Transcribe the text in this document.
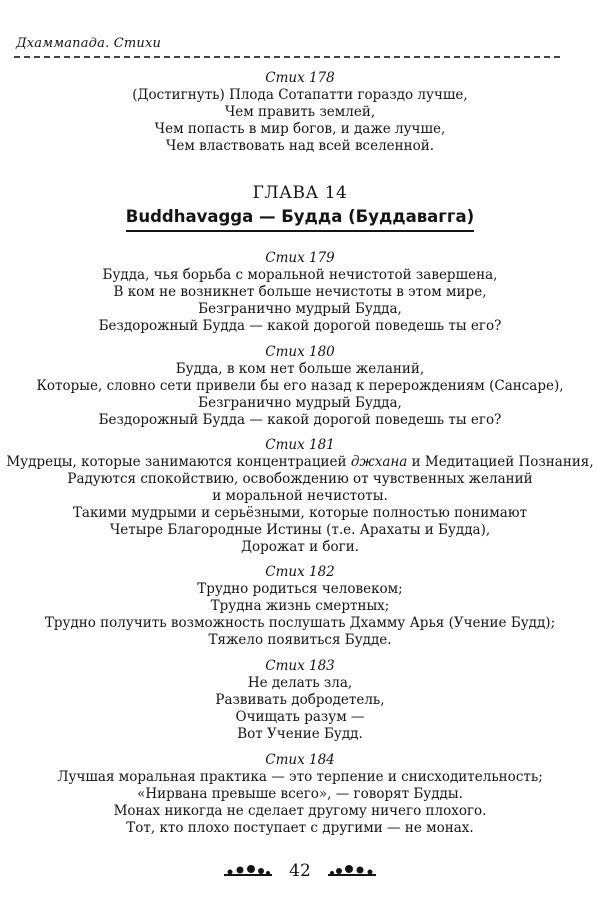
Дхаммапада. Стихи
Стих 178
(Достигнуть) Плода Сотапатти гораздо лучше,
Чем править землей,
Чем попасть в мир богов, и даже лучше,
Чем властвовать над всей вселенной.
ГЛАВА 14
Buddhavagga — Будда (Буддавагга)
Стих 179
Будда, чья борьба с моральной нечистотой завершена,
В ком не возникнет больше нечистоты в этом мире,
Безгранично мудрый Будда,
Бездорожный Будда — какой дорогой поведешь ты его?
Стих 180
Будда, в ком нет больше желаний,
Которые, словно сети привели бы его назад к перерождениям (Сансаре),
Безгранично мудрый Будда,
Бездорожный Будда — какой дорогой поведешь ты его?
Стих 181
Мудрецы, которые занимаются концентрацией джхана и Медитацией Познания,
Радуются спокойствию, освобождению от чувственных желаний
и моральной нечистоты.
Такими мудрыми и серьёзными, которые полностью понимают
Четыре Благородные Истины (т.е. Арахаты и Будда),
Дорожат и боги.
Стих 182
Трудно родиться человеком;
Трудна жизнь смертных;
Трудно получить возможность послушать Дхамму Арья (Учение Будд);
Тяжело появиться Будде.
Стих 183
Не делать зла,
Развивать добродетель,
Очищать разум —
Вот Учение Будд.
Стих 184
Лучшая моральная практика — это терпение и снисходительность;
«Нирвана превыше всего», — говорят Будды.
Монах никогда не сделает другому ничего плохого.
Тот, кто плохо поступает с другими — не монах.
42
